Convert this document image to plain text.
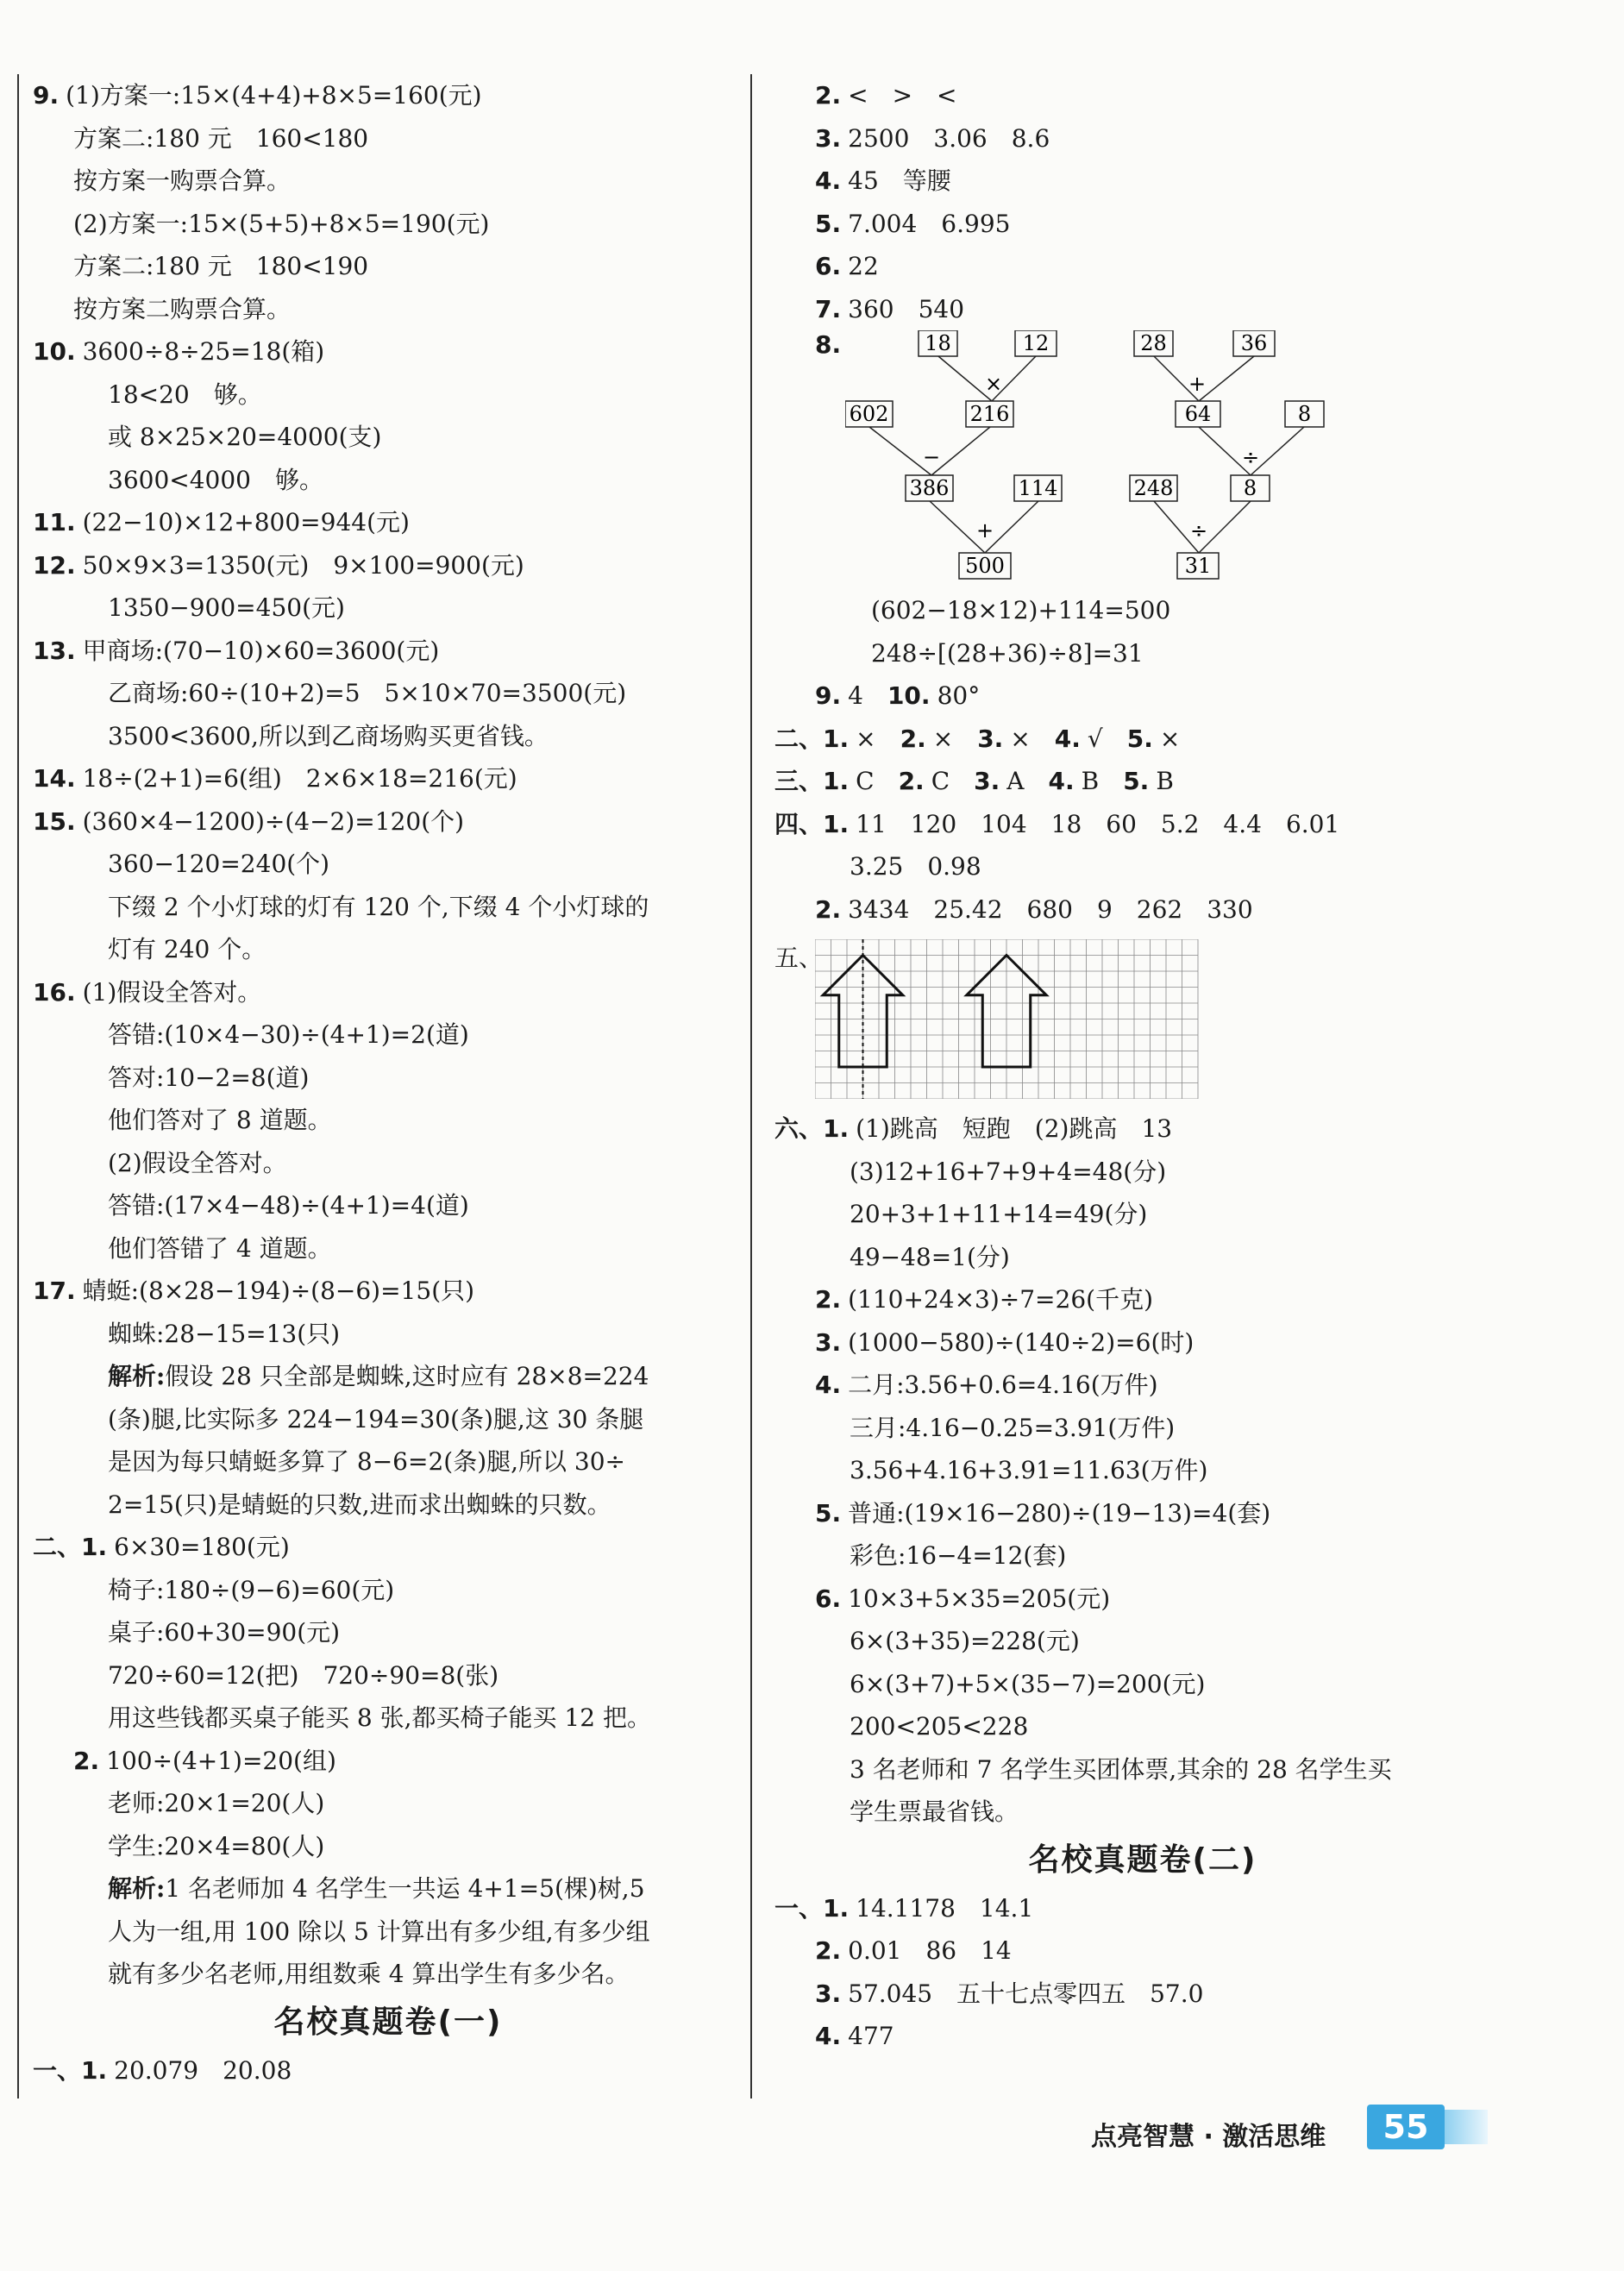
9. (1)方案一:15×(4+4)+8×5=160(元)
方案二:180 元　160<180
按方案一购票合算。
(2)方案一:15×(5+5)+8×5=190(元)
方案二:180 元　180<190
按方案二购票合算。
10. 3600÷8÷25=18(箱)
18<20　够。
或 8×25×20=4000(支)
3600<4000　够。
11. (22−10)×12+800=944(元)
12. 50×9×3=1350(元)　9×100=900(元)
1350−900=450(元)
13. 甲商场:(70−10)×60=3600(元)
乙商场:60÷(10+2)=5　5×10×70=3500(元)
3500<3600,所以到乙商场购买更省钱。
14. 18÷(2+1)=6(组)　2×6×18=216(元)
15. (360×4−1200)÷(4−2)=120(个)
360−120=240(个)
下缀 2 个小灯球的灯有 120 个,下缀 4 个小灯球的
灯有 240 个。
16. (1)假设全答对。
答错:(10×4−30)÷(4+1)=2(道)
答对:10−2=8(道)
他们答对了 8 道题。
(2)假设全答对。
答错:(17×4−48)÷(4+1)=4(道)
他们答错了 4 道题。
17. 蜻蜓:(8×28−194)÷(8−6)=15(只)
蜘蛛:28−15=13(只)
解析:假设 28 只全部是蜘蛛,这时应有 28×8=224
(条)腿,比实际多 224−194=30(条)腿,这 30 条腿
是因为每只蜻蜓多算了 8−6=2(条)腿,所以 30÷
2=15(只)是蜻蜓的只数,进而求出蜘蛛的只数。
二、1. 6×30=180(元)
椅子:180÷(9−6)=60(元)
桌子:60+30=90(元)
720÷60=12(把)　720÷90=8(张)
用这些钱都买桌子能买 8 张,都买椅子能买 12 把。
2. 100÷(4+1)=20(组)
老师:20×1=20(人)
学生:20×4=80(人)
解析:1 名老师加 4 名学生一共运 4+1=5(棵)树,5
人为一组,用 100 除以 5 计算出有多少组,有多少组
就有多少名老师,用组数乘 4 算出学生有多少名。
名校真题卷(一)
一、1. 20.079　20.08
2. <　>　<
3. 2500　3.06　8.6
4. 45　等腰
5. 7.004　6.995
6. 22
7. 360　540
8.	18	12
×
602	216
−
386	114
+
500
28	36
+
64	8
÷
248	8
÷
31
(602−18×12)+114=500
248÷[(28+36)÷8]=31
9. 4　10. 80°
二、1. ×　2. ×　3. ×　4. √　5. ×
三、1. C　2. C　3. A　4. B　5. B
四、1. 11　120　104　18　60　5.2　4.4　6.01
3.25　0.98
2. 3434　25.42　680　9　262　330
五、
六、1. (1)跳高　短跑　(2)跳高　13
(3)12+16+7+9+4=48(分)
20+3+1+11+14=49(分)
49−48=1(分)
2. (110+24×3)÷7=26(千克)
3. (1000−580)÷(140÷2)=6(时)
4. 二月:3.56+0.6=4.16(万件)
三月:4.16−0.25=3.91(万件)
3.56+4.16+3.91=11.63(万件)
5. 普通:(19×16−280)÷(19−13)=4(套)
彩色:16−4=12(套)
6. 10×3+5×35=205(元)
6×(3+35)=228(元)
6×(3+7)+5×(35−7)=200(元)
200<205<228
3 名老师和 7 名学生买团体票,其余的 28 名学生买
学生票最省钱。
名校真题卷(二)
一、1. 14.1178　14.1
2. 0.01　86　14
3. 57.045　五十七点零四五　57.0
4. 477
点亮智慧 · 激活思维	55
